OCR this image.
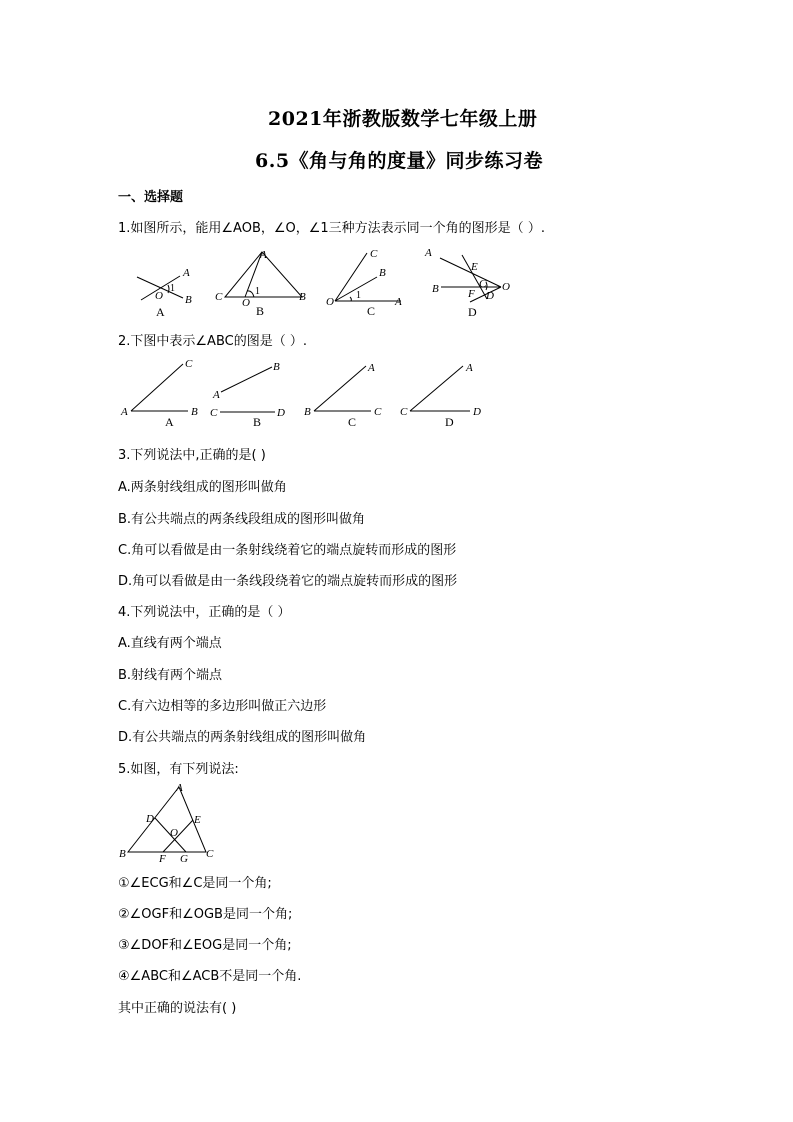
2021年浙教版数学七年级上册
6.5《角与角的度量》同步练习卷
一、选择题
1.如图所示，能用∠AOB，∠O，∠1三种方法表示同一个角的图形是（ ）.
A
B
O
1
A
C O	B
1
C
B
O	A
1
A
E
B	F
C
D
O
A	B	C	D
2.下图中表示∠ABC的图是（ ）.
C
A	B
B
A
C	D
A
B	C
A
C	D
A	B	C	D
3.下列说法中,正确的是( )
A.两条射线组成的图形叫做角
B.有公共端点的两条线段组成的图形叫做角
C.角可以看做是由一条射线绕着它的端点旋转而形成的图形
D.角可以看做是由一条线段绕着它的端点旋转而形成的图形
4.下列说法中，正确的是（ ）
A.直线有两个端点
B.射线有两个端点
C.有六边相等的多边形叫做正六边形
D.有公共端点的两条射线组成的图形叫做角
5.如图，有下列说法:
A
D	E
O
B	F G C
①∠ECG和∠C是同一个角;
②∠OGF和∠OGB是同一个角;
③∠DOF和∠EOG是同一个角;
④∠ABC和∠ACB不是同一个角.
其中正确的说法有( )
